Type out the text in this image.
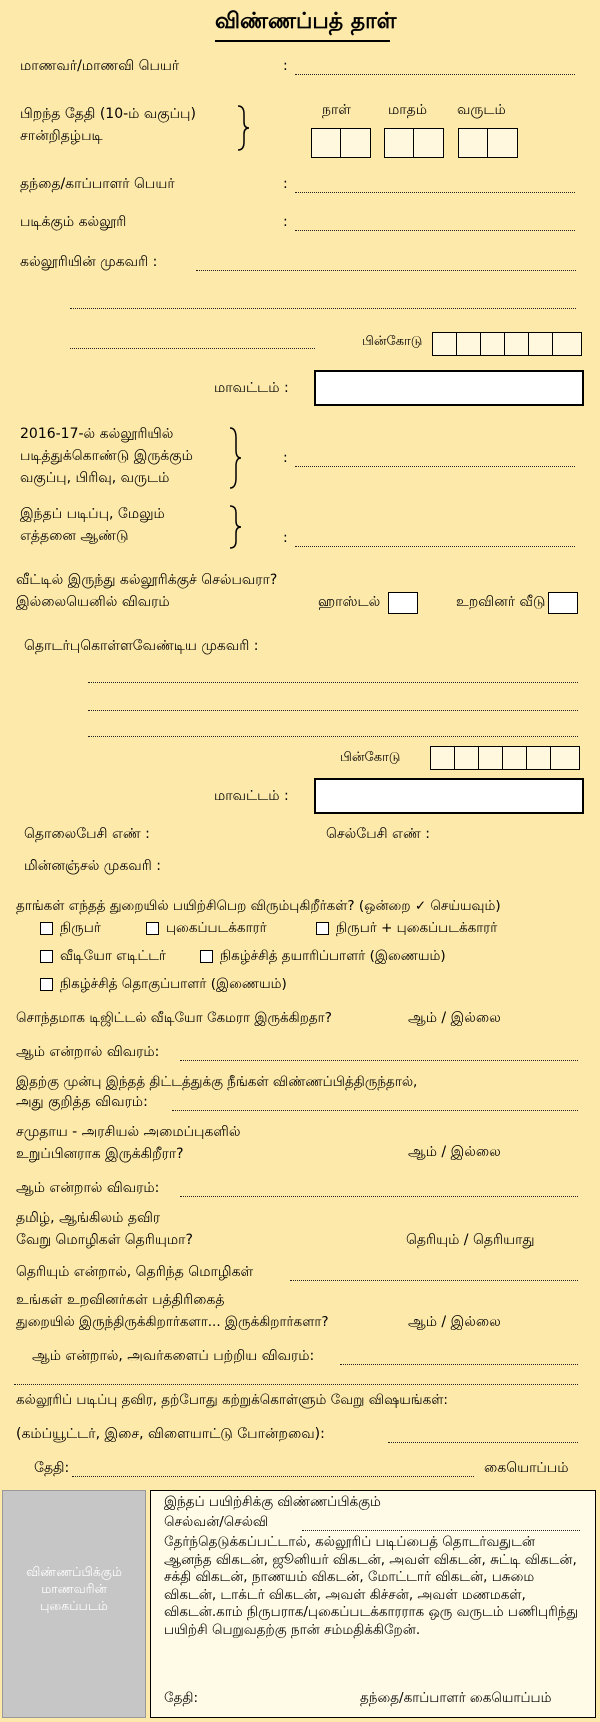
விண்ணப்பத் தாள்
மாணவர்/மாணவி பெயர்	:
பிறந்த தேதி (10-ம் வகுப்பு)
சான்றிதழ்படி
நாள்	மாதம் வருடம்
தந்தை/காப்பாளர் பெயர்	:
படிக்கும் கல்லூரி	:
கல்லூரியின் முகவரி :
பின்கோடு
மாவட்டம் :
2016-17-ல் கல்லூரியில்
படித்துக்கொண்டு இருக்கும்
வகுப்பு, பிரிவு, வருடம்
:
இந்தப் படிப்பு, மேலும்
எத்தனை ஆண்டு	:
வீட்டில் இருந்து கல்லூரிக்குச் செல்பவரா?
இல்லையெனில் விவரம்	ஹாஸ்டல்	உறவினர் வீடு
தொடர்புகொள்ளவேண்டிய முகவரி :
பின்கோடு
மாவட்டம் :
தொலைபேசி எண் :	செல்பேசி எண் :
மின்னஞ்சல் முகவரி :
தாங்கள் எந்தத் துறையில் பயிற்சிபெற விரும்புகிறீர்கள்? (ஒன்றை ✓ செய்யவும்)
நிருபர்	புகைப்படக்காரர்	நிருபர் + புகைப்படக்காரர்
வீடியோ எடிட்டர்	நிகழ்ச்சித் தயாரிப்பாளர் (இணையம்)
நிகழ்ச்சித் தொகுப்பாளர் (இணையம்)
சொந்தமாக டிஜிட்டல் வீடியோ கேமரா இருக்கிறதா?	ஆம் / இல்லை
ஆம் என்றால் விவரம்:
இதற்கு முன்பு இந்தத் திட்டத்துக்கு நீங்கள் விண்ணப்பித்திருந்தால்,
அது குறித்த விவரம்:
சமுதாய - அரசியல் அமைப்புகளில்
உறுப்பினராக இருக்கிறீரா?	ஆம் / இல்லை
ஆம் என்றால் விவரம்:
தமிழ், ஆங்கிலம் தவிர
வேறு மொழிகள் தெரியுமா?	தெரியும் / தெரியாது
தெரியும் என்றால், தெரிந்த மொழிகள்
உங்கள் உறவினர்கள் பத்திரிகைத்
துறையில் இருந்திருக்கிறார்களா... இருக்கிறார்களா?	ஆம் / இல்லை
ஆம் என்றால், அவர்களைப் பற்றிய விவரம்:
கல்லூரிப் படிப்பு தவிர, தற்போது கற்றுக்கொள்ளும் வேறு விஷயங்கள்:
(கம்ப்யூட்டர், இசை, விளையாட்டு போன்றவை):
தேதி:	கையொப்பம்
விண்ணப்பிக்கும்
மாணவரின்
புகைப்படம்
இந்தப் பயிற்சிக்கு விண்ணப்பிக்கும்
செல்வன்/செல்வி
தேர்ந்தெடுக்கப்பட்டால், கல்லூரிப் படிப்பைத் தொடர்வதுடன் ஆனந்த விகடன், ஜூனியர் விகடன், அவள் விகடன், சுட்டி விகடன், சக்தி விகடன், நாணயம் விகடன், மோட்டார் விகடன், பசுமை விகடன், டாக்டர் விகடன், அவள் கிச்சன், அவள் மணமகள், விகடன்.காம் நிருபராக/புகைப்படக்காரராக ஒரு வருடம் பணிபுரிந்து பயிற்சி பெறுவதற்கு நான் சம்மதிக்கிறேன்.
தேதி:	தந்தை/காப்பாளர் கையொப்பம்
